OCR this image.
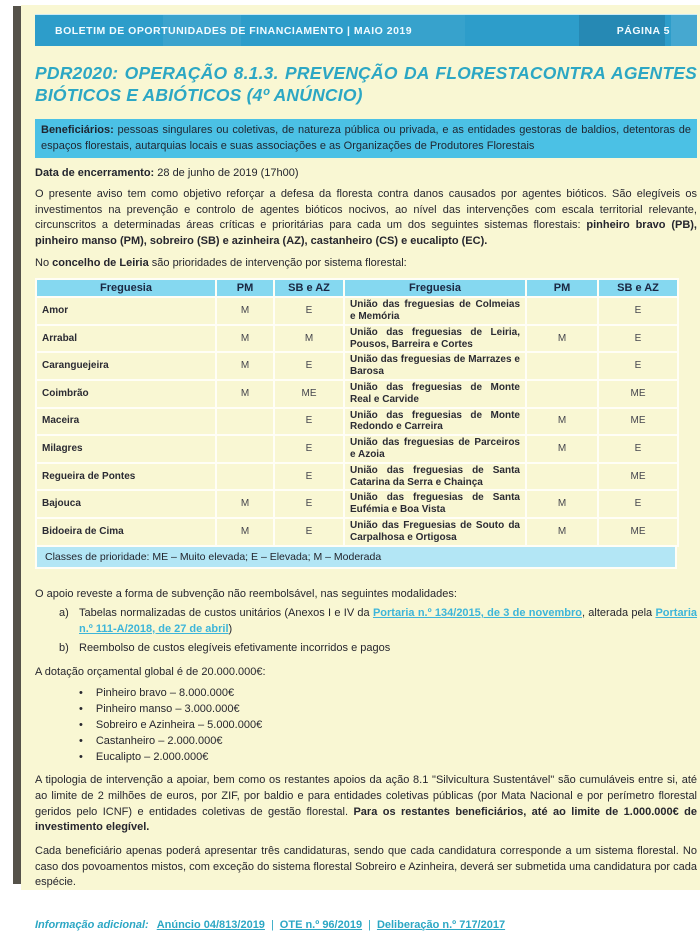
BOLETIM DE OPORTUNIDADES DE FINANCIAMENTO | MAIO 2019	PÁGINA 5
PDR2020: OPERAÇÃO 8.1.3. PREVENÇÃO DA FLORESTACONTRA AGENTES BIÓTICOS E ABIÓTICOS (4º ANÚNCIO)
Beneficiários: pessoas singulares ou coletivas, de natureza pública ou privada, e as entidades gestoras de baldios, detentoras de espaços florestais, autarquias locais e suas associações e as Organizações de Produtores Florestais

Data de encerramento: 28 de junho de 2019 (17h00)

O presente aviso tem como objetivo reforçar a defesa da floresta contra danos causados por agentes bióticos. São elegíveis os investimentos na prevenção e controlo de agentes bióticos nocivos, ao nível das intervenções com escala territorial relevante, circunscritos a determinadas áreas críticas e prioritárias para cada um dos seguintes sistemas florestais: pinheiro bravo (PB), pinheiro manso (PM), sobreiro (SB) e azinheira (AZ), castanheiro (CS) e eucalipto (EC).

No concelho de Leiria são prioridades de intervenção por sistema florestal:

Freguesia	PM	SB e AZ	Freguesia	PM	SB e AZ
Amor	M	E	União das freguesias de Colmeias e Memória		E
Arrabal	M	M	União das freguesias de Leiria, Pousos, Barreira e Cortes	M	E
Caranguejeira	M	E	União das freguesias de Marrazes e Barosa		E
Coimbrão	M	ME	União das freguesias de Monte Real e Carvide		ME
Maceira		E	União das freguesias de Monte Redondo e Carreira	M	ME
Milagres		E	União das freguesias de Parceiros e Azoia	M	E
Regueira de Pontes		E	União das freguesias de Santa Catarina da Serra e Chainça		ME
Bajouca	M	E	União das freguesias de Santa Eufémia e Boa Vista	M	E
Bidoeira de Cima	M	E	União das Freguesias de Souto da Carpalhosa e Ortigosa	M	ME
Classes de prioridade: ME – Muito elevada; E – Elevada; M – Moderada

O apoio reveste a forma de subvenção não reembolsável, nas seguintes modalidades:

a) Tabelas normalizadas de custos unitários (Anexos I e IV da Portaria n.º 134/2015, de 3 de novembro, alterada pela Portaria n.º 111-A/2018, de 27 de abril)
b) Reembolso de custos elegíveis efetivamente incorridos e pagos

A dotação orçamental global é de 20.000.000€:

• Pinheiro bravo – 8.000.000€
• Pinheiro manso – 3.000.000€
• Sobreiro e Azinheira – 5.000.000€
• Castanheiro – 2.000.000€
• Eucalipto – 2.000.000€

A tipologia de intervenção a apoiar, bem como os restantes apoios da ação 8.1 "Silvicultura Sustentável" são cumuláveis entre si, até ao limite de 2 milhões de euros, por ZIF, por baldio e para entidades coletivas públicas (por Mata Nacional e por perímetro florestal geridos pelo ICNF) e entidades coletivas de gestão florestal. Para os restantes beneficiários, até ao limite de 1.000.000€ de investimento elegível.

Cada beneficiário apenas poderá apresentar três candidaturas, sendo que cada candidatura corresponde a um sistema florestal. No caso dos povoamentos mistos, com exceção do sistema florestal Sobreiro e Azinheira, deverá ser submetida uma candidatura por cada espécie.

Informação adicional: Anúncio 04/813/2019 | OTE n.º 96/2019 | Deliberação n.º 717/2017
